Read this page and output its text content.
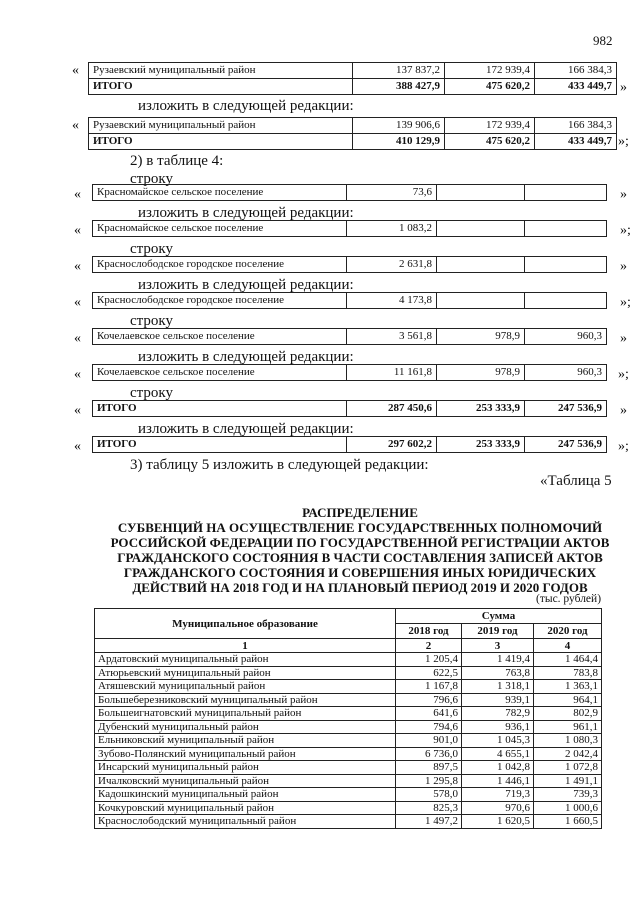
982
« Рузаевский муниципальный район	137 837,2	172 939,4	166 384,3
ИТОГО	388 427,9	475 620,2	433 449,7 »
изложить в следующей редакции:
« Рузаевский муниципальный район	139 906,6	172 939,4	166 384,3
ИТОГО	410 129,9	475 620,2	433 449,7 »;
2) в таблице 4:
строку
« Красномайское сельское поселение	73,6			»
изложить в следующей редакции:
« Красномайское сельское поселение	1 083,2			»;
строку
« Краснослободское городское поселение	2 631,8			»
изложить в следующей редакции:
« Краснослободское городское поселение	4 173,8			»;
строку
« Кочелаевское сельское поселение	3 561,8	978,9	960,3 »
изложить в следующей редакции:
« Кочелаевское сельское поселение	11 161,8	978,9	960,3 »;
строку
« ИТОГО	287 450,6	253 333,9	247 536,9 »
изложить в следующей редакции:
« ИТОГО	297 602,2	253 333,9	247 536,9 »;
3) таблицу 5 изложить в следующей редакции:
«Таблица 5
РАСПРЕДЕЛЕНИЕ
СУБВЕНЦИЙ НА ОСУЩЕСТВЛЕНИЕ ГОСУДАРСТВЕННЫХ ПОЛНОМОЧИЙ
РОССИЙСКОЙ ФЕДЕРАЦИИ ПО ГОСУДАРСТВЕННОЙ РЕГИСТРАЦИИ АКТОВ
ГРАЖДАНСКОГО СОСТОЯНИЯ В ЧАСТИ СОСТАВЛЕНИЯ ЗАПИСЕЙ АКТОВ
ГРАЖДАНСКОГО СОСТОЯНИЯ И СОВЕРШЕНИЯ ИНЫХ ЮРИДИЧЕСКИХ
ДЕЙСТВИЙ НА 2018 ГОД И НА ПЛАНОВЫЙ ПЕРИОД 2019 И 2020 ГОДОВ
(тыс. рублей)
Муниципальное образование	Сумма		
	2018 год	2019 год	2020 год
1	2	3	4
Ардатовский муниципальный район	1 205,4	1 419,4	1 464,4
Атюрьевский муниципальный район	622,5	763,8	783,8
Атяшевский муниципальный район	1 167,8	1 318,1	1 363,1
Большеберезниковский муниципальный район	796,6	939,1	964,1
Большеигнатовский муниципальный район	641,6	782,9	802,9
Дубенский муниципальный район	794,6	936,1	961,1
Ельниковский муниципальный район	901,0	1 045,3	1 080,3
Зубово-Полянский муниципальный район	6 736,0	4 655,1	2 042,4
Инсарский муниципальный район	897,5	1 042,8	1 072,8
Ичалковский муниципальный район	1 295,8	1 446,1	1 491,1
Кадошкинский муниципальный район	578,0	719,3	739,3
Кочкуровский муниципальный район	825,3	970,6	1 000,6
Краснослободский муниципальный район	1 497,2	1 620,5	1 660,5
